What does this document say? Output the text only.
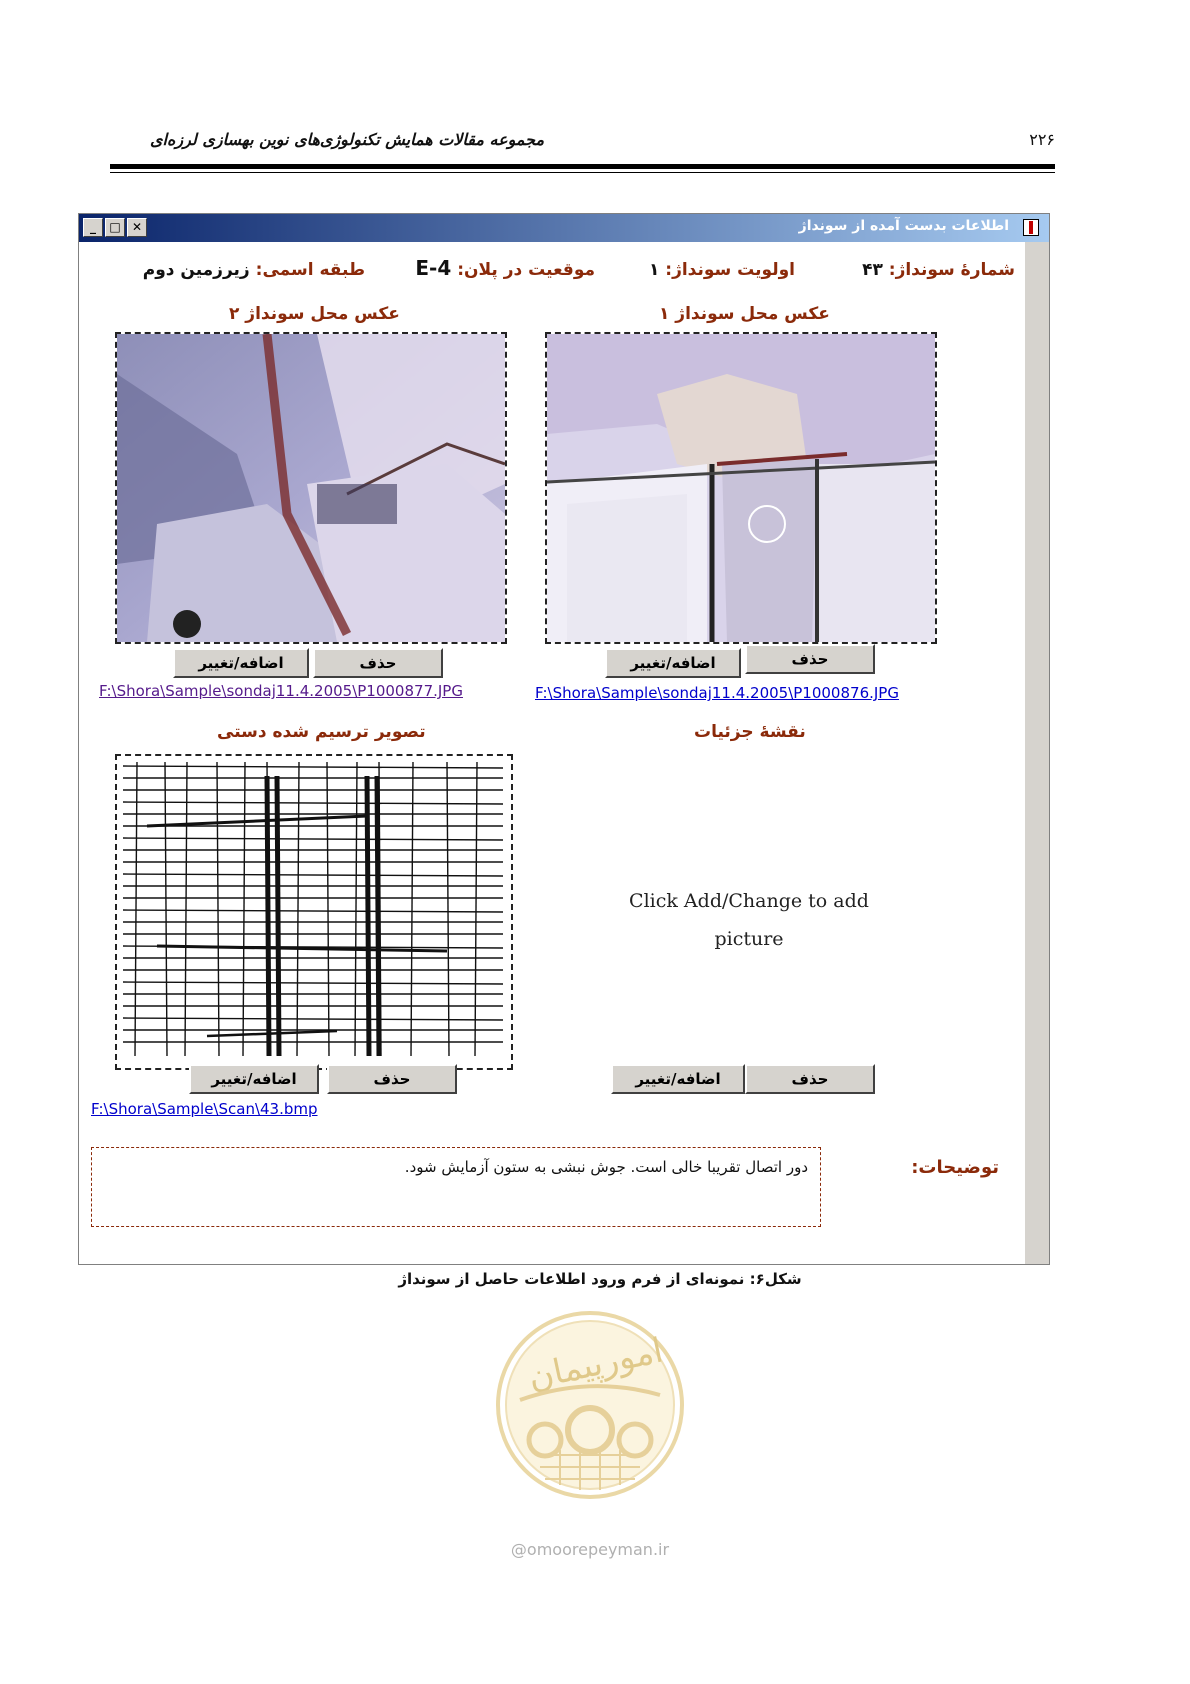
مجموعه مقالات همایش تکنولوژی‌های نوین بهسازی لرزه‌ای	۲۲۶
_	□ ✕	اطلاعات بدست آمده از سونداژ
شمارهٔ سونداژ: ۴۳
اولویت سونداژ: ۱
موقعیت در پلان: E-4
طبقه اسمی: زیرزمین دوم
عکس محل سونداژ ۲
اضافه/تغییر	حذف
F:\Shora\Sample\sondaj11.4.2005\P1000877.JPG
عکس محل سونداژ ۱
اضافه/تغییر	حذف
F:\Shora\Sample\sondaj11.4.2005\P1000876.JPG
تصویر ترسیم شده دستی
اضافه/تغییر	حذف
F:\Shora\Sample\Scan\43.bmp
نقشهٔ جزئیات
Click Add/Change to add
picture
اضافه/تغییر	حذف
توضیحات:
دور اتصال تقریبا خالی است. جوش نبشی به ستون آزمایش شود.
شکل۶: نمونه‌ای از فرم ورود اطلاعات حاصل از سونداژ
امورپیمان
@omoorepeyman.ir
